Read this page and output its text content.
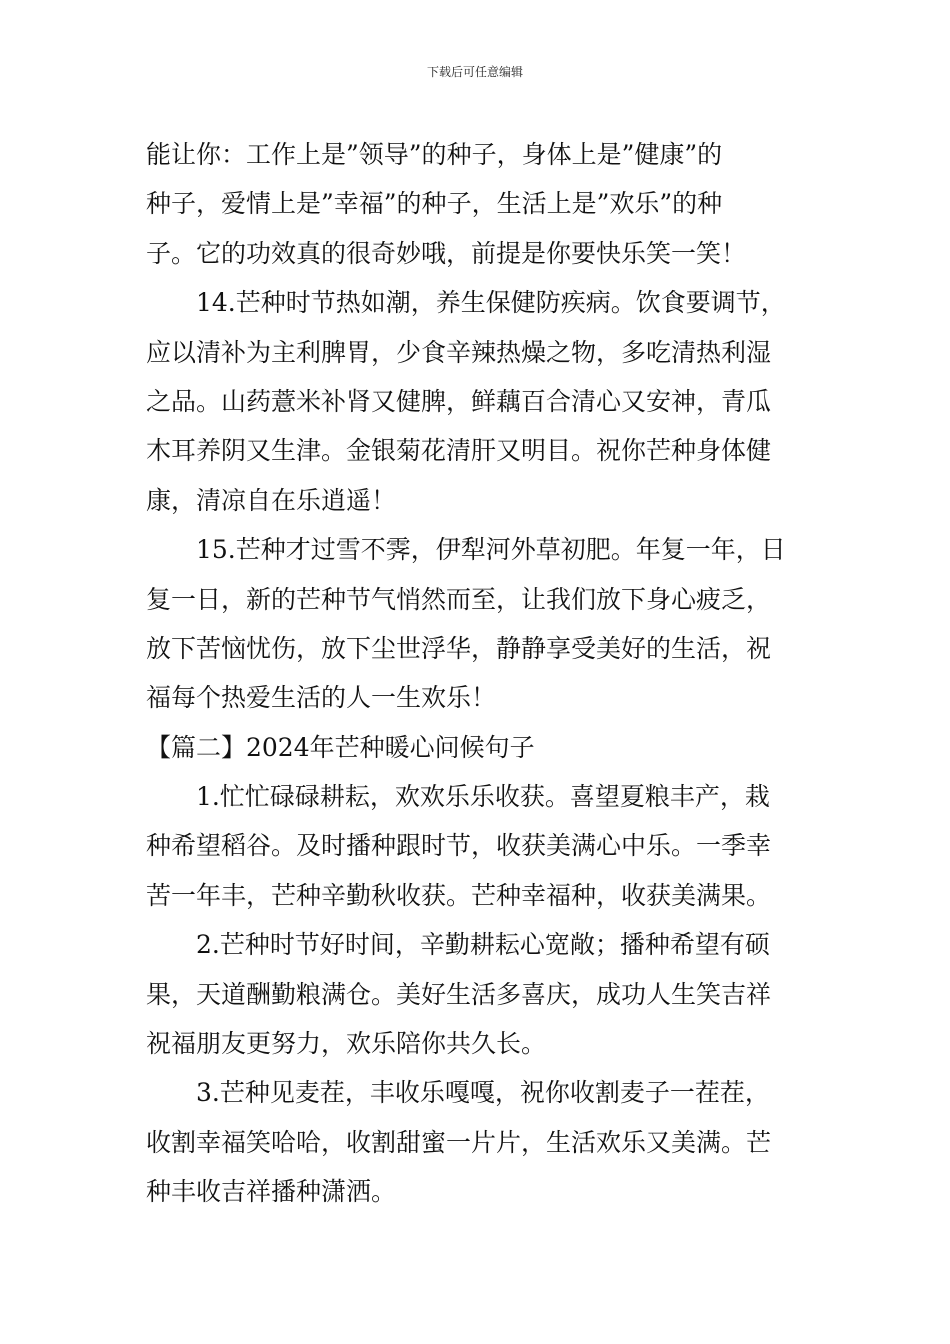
下载后可任意编辑
能让你：工作上是”领导”的种子，身体上是”健康”的
种子，爱情上是”幸福”的种子，生活上是”欢乐”的种
子。它的功效真的很奇妙哦，前提是你要快乐笑一笑！
14.芒种时节热如潮，养生保健防疾病。饮食要调节，
应以清补为主利脾胃，少食辛辣热燥之物，多吃清热利湿
之品。山药薏米补肾又健脾，鲜藕百合清心又安神，青瓜
木耳养阴又生津。金银菊花清肝又明目。祝你芒种身体健
康，清凉自在乐逍遥！
15.芒种才过雪不霁，伊犁河外草初肥。年复一年，日
复一日，新的芒种节气悄然而至，让我们放下身心疲乏，
放下苦恼忧伤，放下尘世浮华，静静享受美好的生活，祝
福每个热爱生活的人一生欢乐！
【篇二】2024年芒种暖心问候句子
1.忙忙碌碌耕耘，欢欢乐乐收获。喜望夏粮丰产，栽
种希望稻谷。及时播种跟时节，收获美满心中乐。一季幸
苦一年丰，芒种辛勤秋收获。芒种幸福种，收获美满果。
2.芒种时节好时间，辛勤耕耘心宽敞；播种希望有硕
果，天道酬勤粮满仓。美好生活多喜庆，成功人生笑吉祥
祝福朋友更努力，欢乐陪你共久长。
3.芒种见麦茬，丰收乐嘎嘎，祝你收割麦子一茬茬，
收割幸福笑哈哈，收割甜蜜一片片，生活欢乐又美满。芒
种丰收吉祥播种潇洒。
